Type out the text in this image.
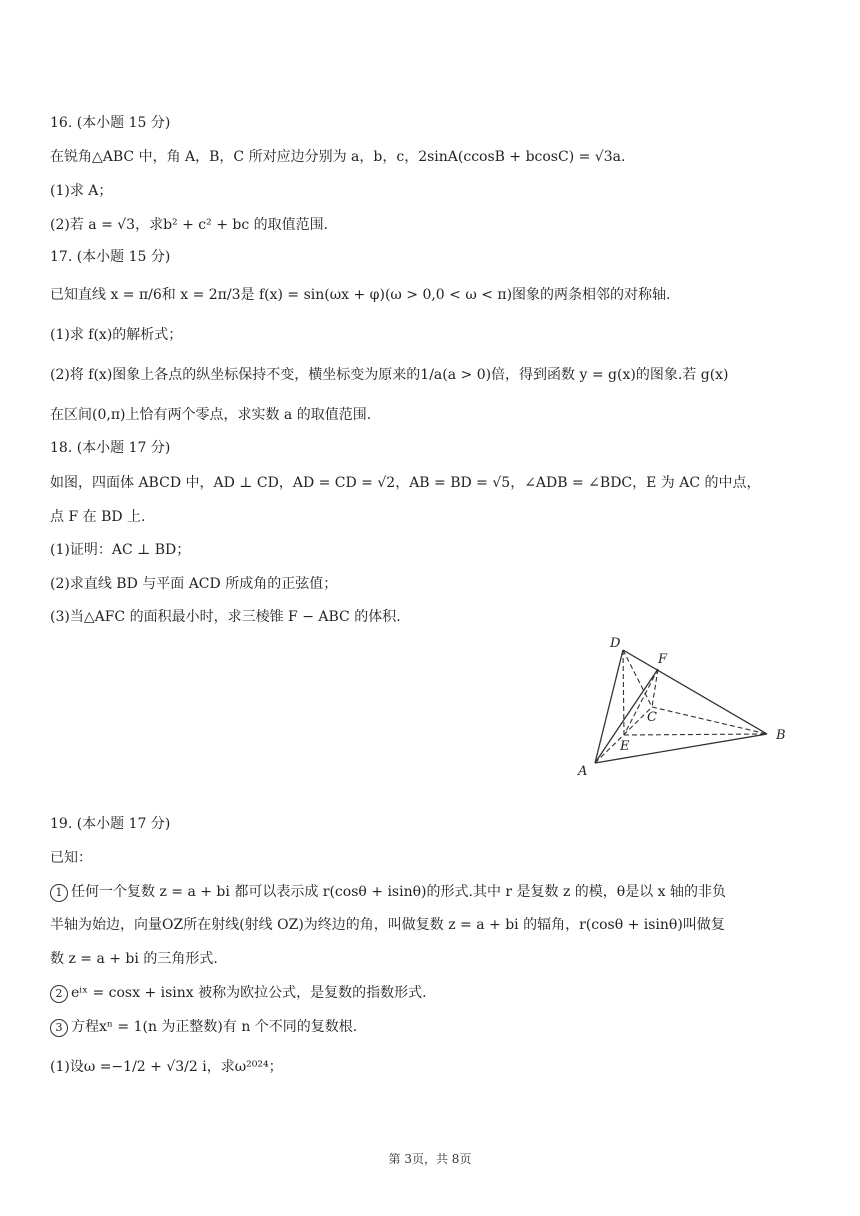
16. (本小题 15 分)
在锐角△ABC 中，角 A，B，C 所对应边分别为 a，b，c，2sinA(ccosB + bcosC) = √3a.
(1)求 A；
(2)若 a = √3，求b² + c² + bc 的取值范围.
17. (本小题 15 分)
已知直线 x = π/6和 x = 2π/3是 f(x) = sin(ωx + φ)(ω > 0,0 < ω < π)图象的两条相邻的对称轴.
(1)求 f(x)的解析式；
(2)将 f(x)图象上各点的纵坐标保持不变，横坐标变为原来的1/a(a > 0)倍，得到函数 y = g(x)的图象.若 g(x)
在区间(0,π)上恰有两个零点，求实数 a 的取值范围.
18. (本小题 17 分)
如图，四面体 ABCD 中，AD ⊥ CD，AD = CD = √2，AB = BD = √5，∠ADB = ∠BDC，E 为 AC 的中点，
点 F 在 BD 上.
(1)证明：AC ⊥ BD；
(2)求直线 BD 与平面 ACD 所成角的正弦值；
(3)当△AFC 的面积最小时，求三棱锥 F − ABC 的体积.
D
F
C
E
A
B
19. (本小题 17 分)
已知：
1 任何一个复数 z = a + bi 都可以表示成 r(cosθ + isinθ)的形式.其中 r 是复数 z 的模，θ是以 x 轴的非负
半轴为始边，向量OZ所在射线(射线 OZ)为终边的角，叫做复数 z = a + bi 的辐角，r(cosθ + isinθ)叫做复
数 z = a + bi 的三角形式.
2 eⁱˣ = cosx + isinx 被称为欧拉公式，是复数的指数形式.
3 方程xⁿ = 1(n 为正整数)有 n 个不同的复数根.
(1)设ω =−1/2 + √3/2 i，求ω²⁰²⁴；
第 3页，共 8页
